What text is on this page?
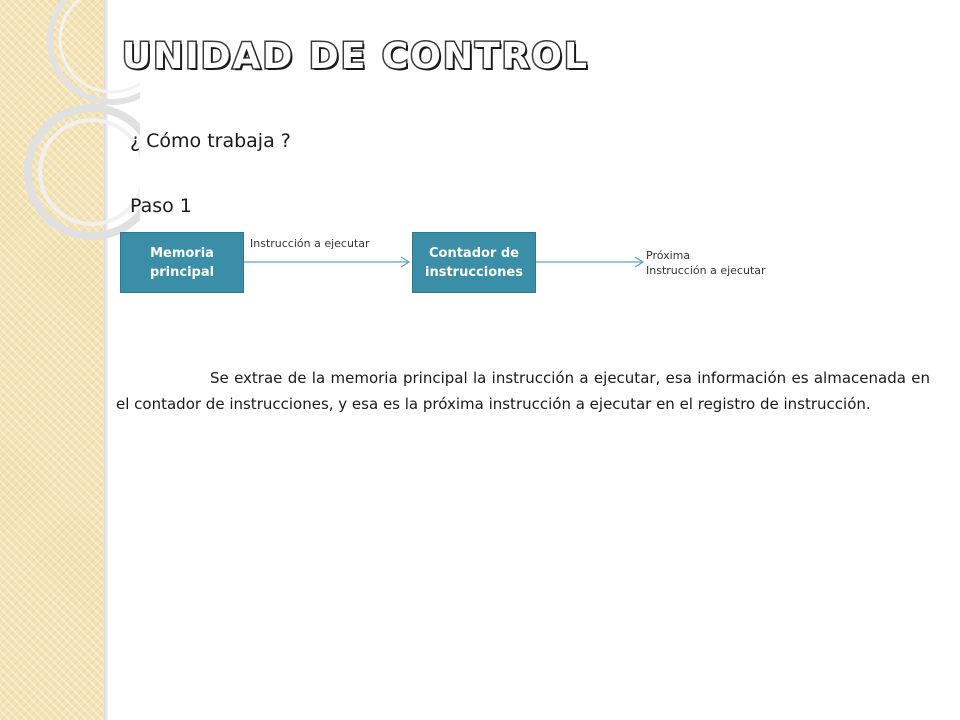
UNIDAD DE CONTROL
¿ Cómo trabaja ?
Paso 1
Memoria principal
Contador de instrucciones
Instrucción a ejecutar
Próxima
Instrucción a ejecutar

Se extrae de la memoria principal la instrucción a ejecutar, esa información es almacenada en el contador de instrucciones, y esa es la próxima instrucción a ejecutar en el registro de instrucción.
